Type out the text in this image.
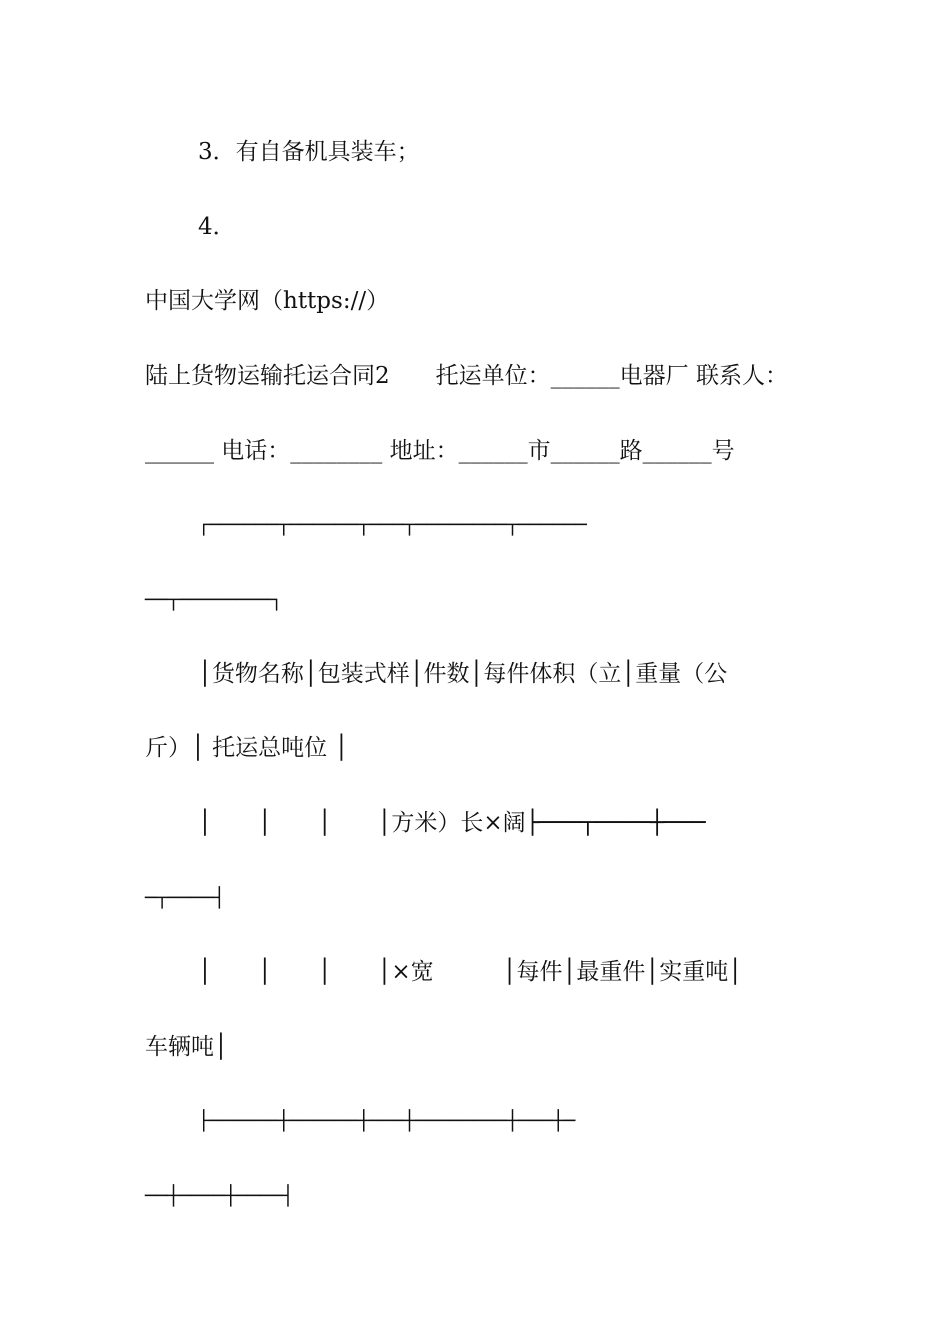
3．有自备机具装车；
4．
中国大学网（https://）
陆上货物运输托运合同2　　托运单位：______电器厂 联系人：
______ 电话：________ 地址：______市______路______号
┌──────┬──────┬───┬────────┬──────
──┬────────┐
│货物名称│包装式样│件数│每件体积（立│重量（公
斤）│ 托运总吨位 │
│　　│　　│　　│方米）长×阔├───┬────┼───
─┬────┤
│　　│　　│　　│×宽　　　│每件│最重件│实重吨│
车辆吨│
├──────┼──────┼───┼────────┼───┼─
──┼────┼────┤
